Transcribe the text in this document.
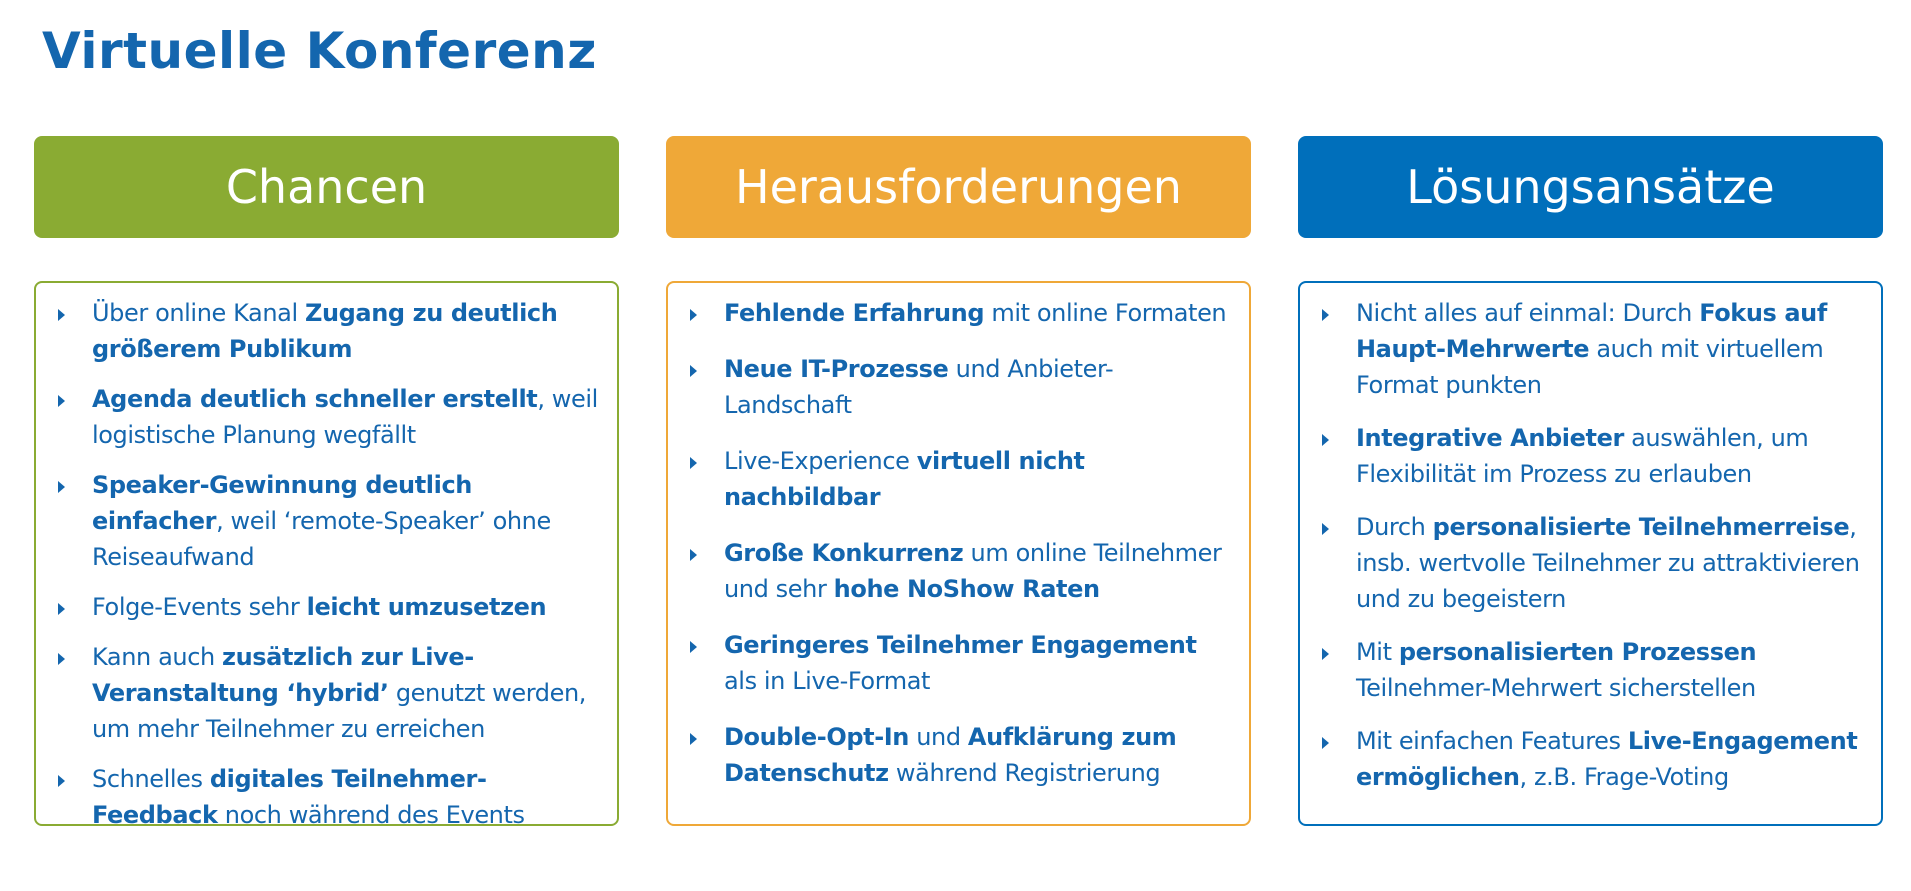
Virtuelle Konferenz
Chancen
Über online Kanal Zugang zu deutlich größerem Publikum
Agenda deutlich schneller erstellt, weil logistische Planung wegfällt
Speaker-Gewinnung deutlich einfacher, weil ‘remote-Speaker’ ohne Reiseaufwand
Folge-Events sehr leicht umzusetzen
Kann auch zusätzlich zur Live-Veranstaltung ‘hybrid’ genutzt werden, um mehr Teilnehmer zu erreichen
Schnelles digitales Teilnehmer-Feedback noch während des Events
Herausforderungen
Fehlende Erfahrung mit online Formaten
Neue IT-Prozesse und Anbieter-Landschaft
Live-Experience virtuell nicht nachbildbar
Große Konkurrenz um online Teilnehmer und sehr hohe NoShow Raten
Geringeres Teilnehmer Engagement als in Live-Format
Double-Opt-In und Aufklärung zum Datenschutz während Registrierung
Lösungsansätze
Nicht alles auf einmal: Durch Fokus auf Haupt-Mehrwerte auch mit virtuellem Format punkten
Integrative Anbieter auswählen, um Flexibilität im Prozess zu erlauben
Durch personalisierte Teilnehmerreise, insb. wertvolle Teilnehmer zu attraktivieren und zu begeistern
Mit personalisierten Prozessen Teilnehmer-Mehrwert sicherstellen
Mit einfachen Features Live-Engagement ermöglichen, z.B. Frage-Voting
